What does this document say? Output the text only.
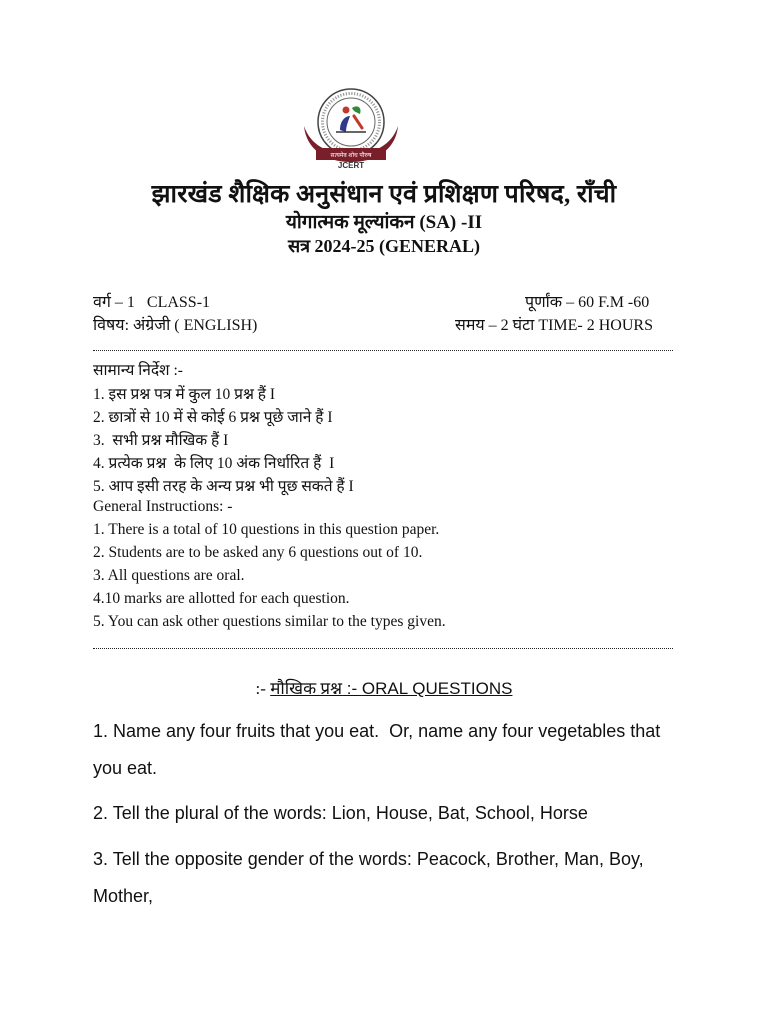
सत्यमेव शोध पौरुष
JCERT
झारखंड शैक्षिक अनुसंधान एवं प्रशिक्षण परिषद, राँची
योगात्मक मूल्यांकन (SA) -II
सत्र 2024-25 (GENERAL)
वर्ग – 1   CLASS-1	पूर्णांक – 60 F.M -60
विषय: अंग्रेजी ( ENGLISH)	समय – 2 घंटा TIME- 2 HOURS
सामान्य निर्देश :-
1. इस प्रश्न पत्र में कुल 10 प्रश्न हैं I
2. छात्रों से 10 में से कोई 6 प्रश्न पूछे जाने हैं I
3.  सभी प्रश्न मौखिक हैं I
4. प्रत्येक प्रश्न  के लिए 10 अंक निर्धारित हैं  I
5. आप इसी तरह के अन्य प्रश्न भी पूछ सकते हैं I
General Instructions: -
1. There is a total of 10 questions in this question paper.
2. Students are to be asked any 6 questions out of 10.
3. All questions are oral.
4.10 marks are allotted for each question.
5. You can ask other questions similar to the types given.
:- मौखिक प्रश्न :- ORAL QUESTIONS
1. Name any four fruits that you eat.  Or, name any four vegetables that you eat.
2. Tell the plural of the words: Lion, House, Bat, School, Horse
3. Tell the opposite gender of the words: Peacock, Brother, Man, Boy, Mother,
